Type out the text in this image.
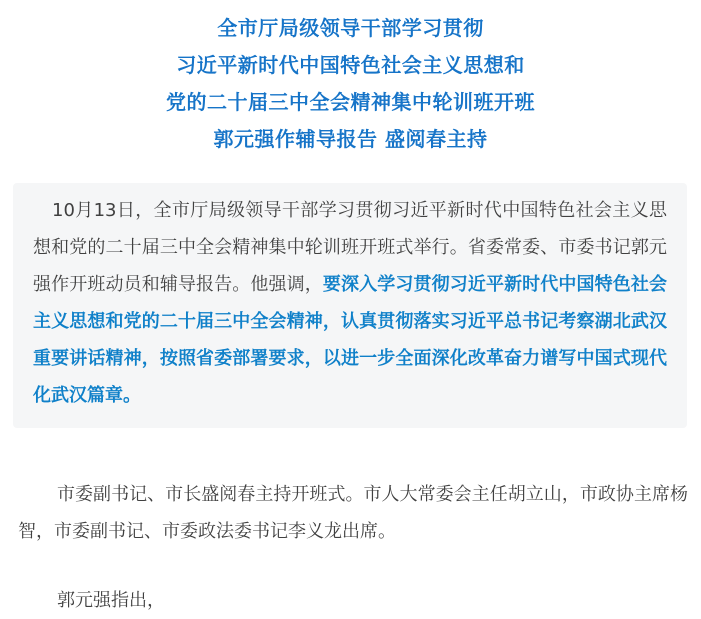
全市厅局级领导干部学习贯彻
习近平新时代中国特色社会主义思想和
党的二十届三中全会精神集中轮训班开班
郭元强作辅导报告 盛阅春主持

10月13日，全市厅局级领导干部学习贯彻习近平新时代中国特色社会主义思想和党的二十届三中全会精神集中轮训班开班式举行。省委常委、市委书记郭元强作开班动员和辅导报告。他强调，要深入学习贯彻习近平新时代中国特色社会主义思想和党的二十届三中全会精神，认真贯彻落实习近平总书记考察湖北武汉重要讲话精神，按照省委部署要求，以进一步全面深化改革奋力谱写中国式现代化武汉篇章。

市委副书记、市长盛阅春主持开班式。市人大常委会主任胡立山，市政协主席杨智，市委副书记、市委政法委书记李义龙出席。

郭元强指出，
